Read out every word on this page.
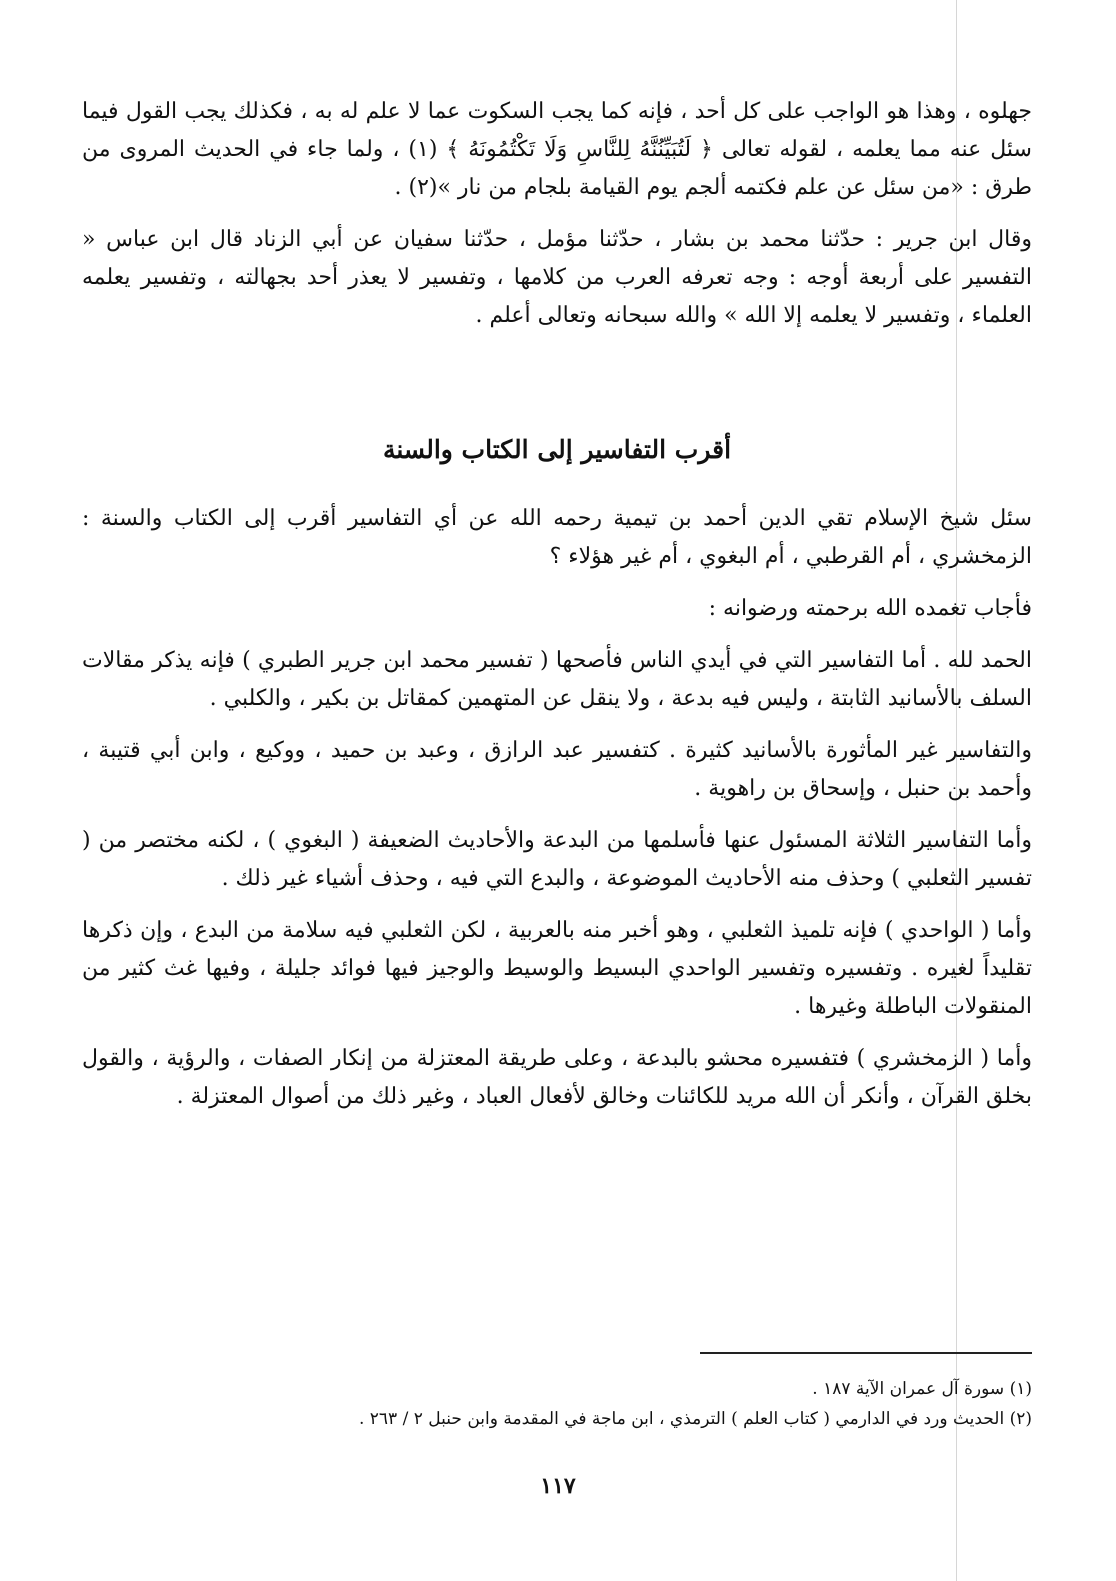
جهلوه ، وهذا هو الواجب على كل أحد ، فإنه كما يجب السكوت عما لا علم له به ، فكذلك يجب القول فيما سئل عنه مما يعلمه ، لقوله تعالى ﴿ لَتُبَيِّنُنَّهُ لِلنَّاسِ وَلَا تَكْتُمُونَهُ ﴾ (١) ، ولما جاء في الحديث المروى من طرق : «من سئل عن علم فكتمه ألجم يوم القيامة بلجام من نار »(٢) .

وقال ابن جرير : حدّثنا محمد بن بشار ، حدّثنا مؤمل ، حدّثنا سفيان عن أبي الزناد قال ابن عباس « التفسير على أربعة أوجه : وجه تعرفه العرب من كلامها ، وتفسير لا يعذر أحد بجهالته ، وتفسير يعلمه العلماء ، وتفسير لا يعلمه إلا الله » والله سبحانه وتعالى أعلم .

أقرب التفاسير إلى الكتاب والسنة

سئل شيخ الإسلام تقي الدين أحمد بن تيمية رحمه الله عن أي التفاسير أقرب إلى الكتاب والسنة : الزمخشري ، أم القرطبي ، أم البغوي ، أم غير هؤلاء ؟

فأجاب تغمده الله برحمته ورضوانه :

الحمد لله . أما التفاسير التي في أيدي الناس فأصحها ( تفسير محمد ابن جرير الطبري ) فإنه يذكر مقالات السلف بالأسانيد الثابتة ، وليس فيه بدعة ، ولا ينقل عن المتهمين كمقاتل بن بكير ، والكلبي .

والتفاسير غير المأثورة بالأسانيد كثيرة . كتفسير عبد الرازق ، وعبد بن حميد ، ووكيع ، وابن أبي قتيبة ، وأحمد بن حنبل ، وإسحاق بن راهوية .

وأما التفاسير الثلاثة المسئول عنها فأسلمها من البدعة والأحاديث الضعيفة ( البغوي ) ، لكنه مختصر من ( تفسير الثعلبي ) وحذف منه الأحاديث الموضوعة ، والبدع التي فيه ، وحذف أشياء غير ذلك .

وأما ( الواحدي ) فإنه تلميذ الثعلبي ، وهو أخبر منه بالعربية ، لكن الثعلبي فيه سلامة من البدع ، وإن ذكرها تقليداً لغيره . وتفسيره وتفسير الواحدي البسيط والوسيط والوجيز فيها فوائد جليلة ، وفيها غث كثير من المنقولات الباطلة وغيرها .

وأما ( الزمخشري ) فتفسيره محشو بالبدعة ، وعلى طريقة المعتزلة من إنكار الصفات ، والرؤية ، والقول بخلق القرآن ، وأنكر أن الله مريد للكائنات وخالق لأفعال العباد ، وغير ذلك من أصوال المعتزلة .

(١) سورة آل عمران الآية ١٨٧ .

(٢) الحديث ورد في الدارمي ( كتاب العلم ) الترمذي ، ابن ماجة في المقدمة وابن حنبل ٢ / ٢٦٣ .

١١٧
